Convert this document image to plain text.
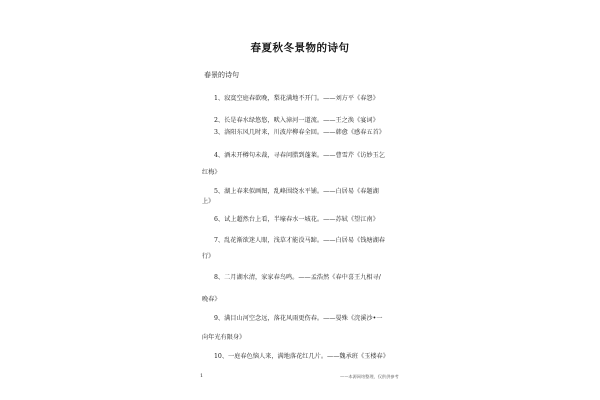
春夏秋冬景物的诗句
春景的诗句
1、寂寞空庭春欲晚，梨花满地不开门。——刘方平《春怨》
2、长是春水绿悠悠，畎入漳河一道流。——王之涣《宴词》
3、洛阳东风几时来，川波岸柳春全回。——韩愈《感春五首》
4、酒未开樽句未裁，寻春问腊到蓬莱。——曹雪芹《访妙玉乞
红梅》
5、湖上春来似画图，乱峰围绕水平铺。——白居易《春题湖
上》
6、试上超然台上看，半壕春水一城花。——苏轼《望江南》
7、乱花渐欲迷人眼，浅草才能没马蹄。——白居易《钱塘湖春
行》
8、二月湖水清，家家春鸟鸣。——孟浩然《春中喜王九相寻/
晚春》
9、满目山河空念远，落花风雨更伤春。——晏殊《浣溪沙•一
向年光有限身》
10、一庭春色恼人来，满地落花红几片。——魏承班《玉楼春》
1	——本源网络整理，仅供供参考
